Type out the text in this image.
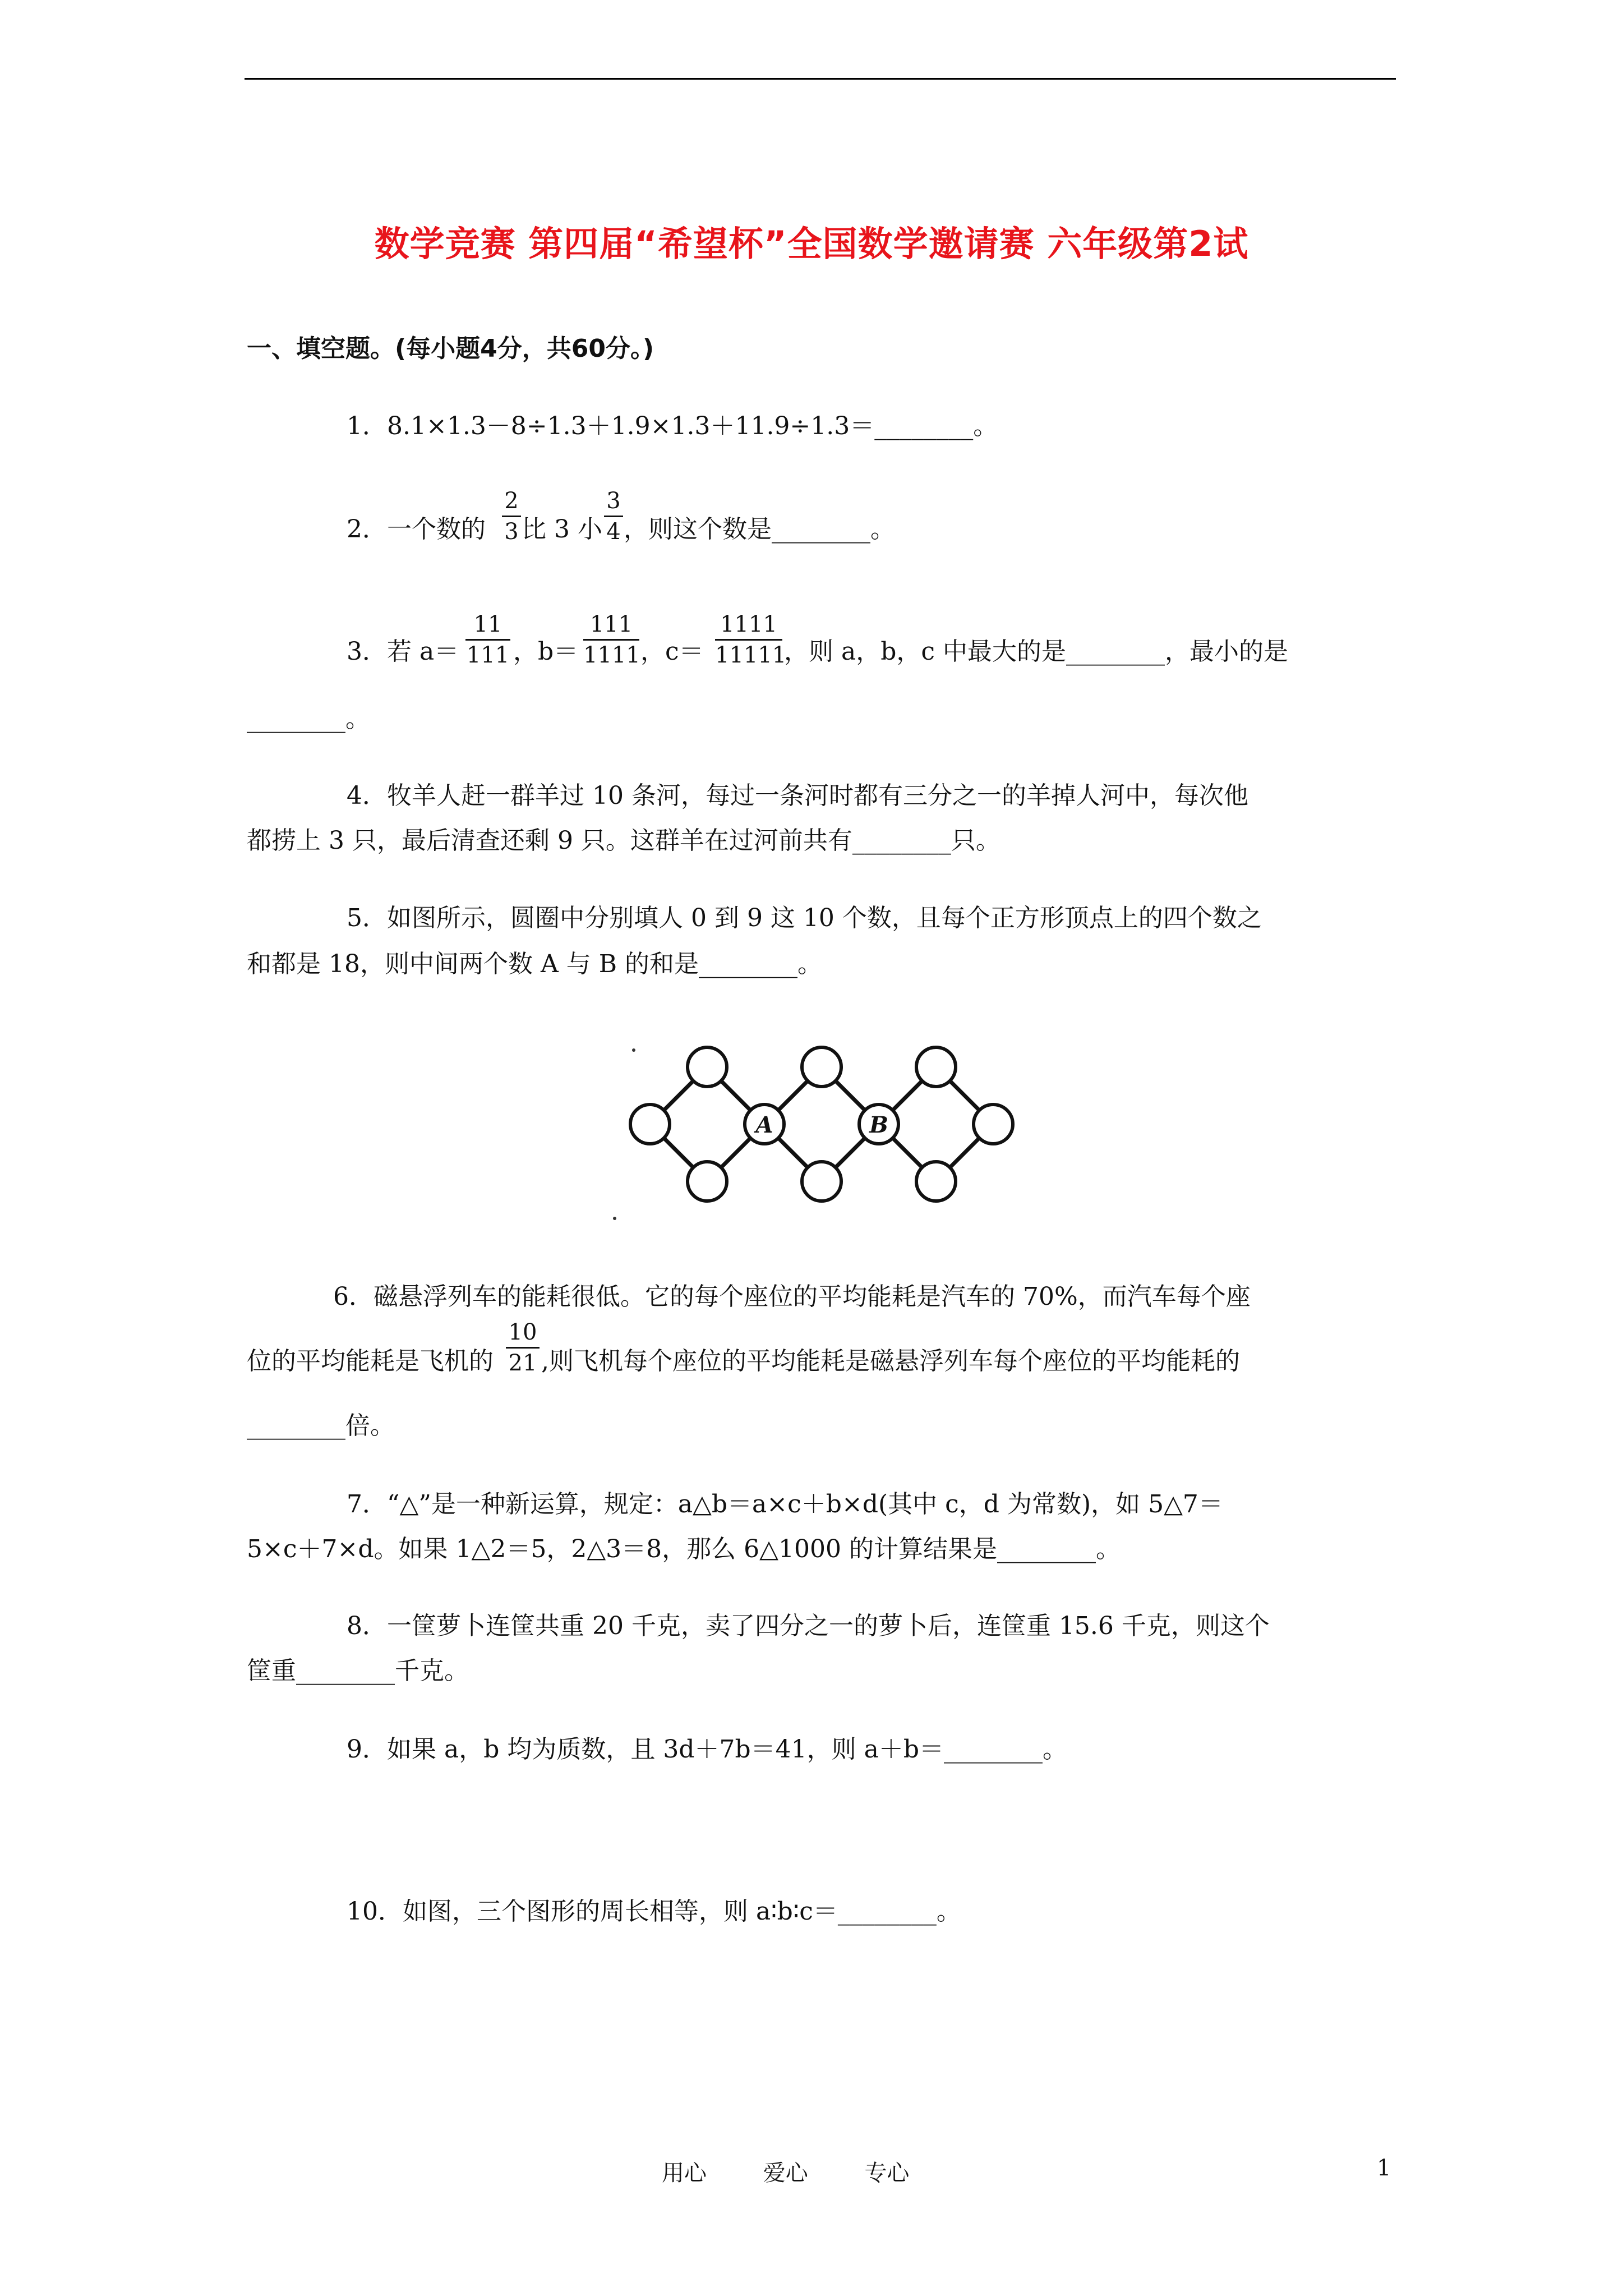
数学竞赛 第四届“希望杯”全国数学邀请赛 六年级第2试
一、填空题。(每小题4分，共60分。)
1．8.1×1.3－8÷1.3＋1.9×1.3＋11.9÷1.3＝________。
2．一个数的
2
3 比 3 小
3
4 ，则这个数是________。
3．若 a＝
11
111 ，b＝
111
1111 ，c＝
1111
11111
，则 a，b，c 中最大的是________，最小的是
________。
4．牧羊人赶一群羊过 10 条河，每过一条河时都有三分之一的羊掉人河中，每次他
都捞上 3 只，最后清查还剩 9 只。这群羊在过河前共有________只。
5．如图所示，圆圈中分别填人 0 到 9 这 10 个数，且每个正方形顶点上的四个数之
和都是 18，则中间两个数 A 与 B 的和是________。
A	B
6．磁悬浮列车的能耗很低。它的每个座位的平均能耗是汽车的 70%，而汽车每个座
位的平均能耗是飞机的
10
21 ,则飞机每个座位的平均能耗是磁悬浮列车每个座位的平均能耗的
________倍。
7．“△”是一种新运算，规定：a△b＝a×c＋b×d(其中 c，d 为常数)，如 5△7＝
5×c＋7×d。如果 1△2＝5，2△3＝8，那么 6△1000 的计算结果是________。
8．一筐萝卜连筐共重 20 千克，卖了四分之一的萝卜后，连筐重 15.6 千克，则这个
筐重________千克。
9．如果 a，b 均为质数，且 3d＋7b＝41，则 a＋b＝________。
10．如图，三个图形的周长相等，则 a∶b∶c＝________。
用心	爱心	专心	1
